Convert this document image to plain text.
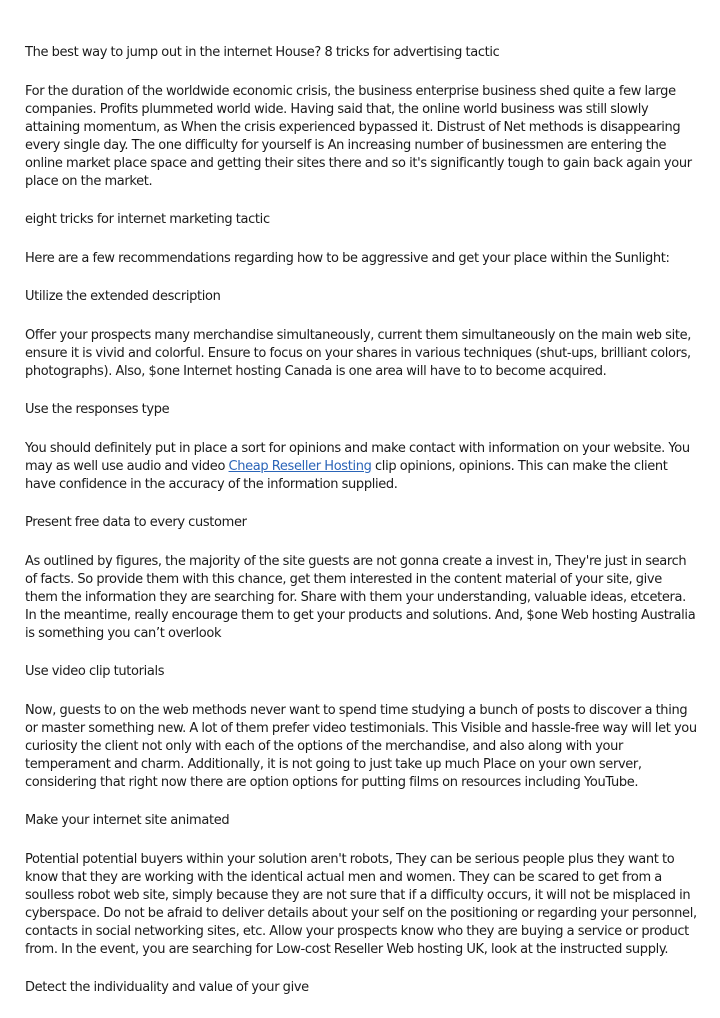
The best way to jump out in the internet House? 8 tricks for advertising tactic

For the duration of the worldwide economic crisis, the business enterprise business shed quite a few large companies. Profits plummeted world wide. Having said that, the online world business was still slowly attaining momentum, as When the crisis experienced bypassed it. Distrust of Net methods is disappearing every single day. The one difficulty for yourself is An increasing number of businessmen are entering the online market place space and getting their sites there and so it's significantly tough to gain back again your place on the market.

eight tricks for internet marketing tactic

Here are a few recommendations regarding how to be aggressive and get your place within the Sunlight:

Utilize the extended description

Offer your prospects many merchandise simultaneously, current them simultaneously on the main web site, ensure it is vivid and colorful. Ensure to focus on your shares in various techniques (shut-ups, brilliant colors, photographs). Also, $one Internet hosting Canada is one area will have to to become acquired.

Use the responses type

You should definitely put in place a sort for opinions and make contact with information on your website. You may as well use audio and video Cheap Reseller Hosting clip opinions, opinions. This can make the client have confidence in the accuracy of the information supplied.

Present free data to every customer

As outlined by figures, the majority of the site guests are not gonna create a invest in, They're just in search of facts. So provide them with this chance, get them interested in the content material of your site, give them the information they are searching for. Share with them your understanding, valuable ideas, etcetera. In the meantime, really encourage them to get your products and solutions. And, $one Web hosting Australia is something you can’t overlook

Use video clip tutorials

Now, guests to on the web methods never want to spend time studying a bunch of posts to discover a thing or master something new. A lot of them prefer video testimonials. This Visible and hassle-free way will let you curiosity the client not only with each of the options of the merchandise, and also along with your temperament and charm. Additionally, it is not going to just take up much Place on your own server, considering that right now there are option options for putting films on resources including YouTube.

Make your internet site animated

Potential potential buyers within your solution aren't robots, They can be serious people plus they want to know that they are working with the identical actual men and women. They can be scared to get from a soulless robot web site, simply because they are not sure that if a difficulty occurs, it will not be misplaced in cyberspace. Do not be afraid to deliver details about your self on the positioning or regarding your personnel, contacts in social networking sites, etc. Allow your prospects know who they are buying a service or product from. In the event, you are searching for Low-cost Reseller Web hosting UK, look at the instructed supply.

Detect the individuality and value of your give
